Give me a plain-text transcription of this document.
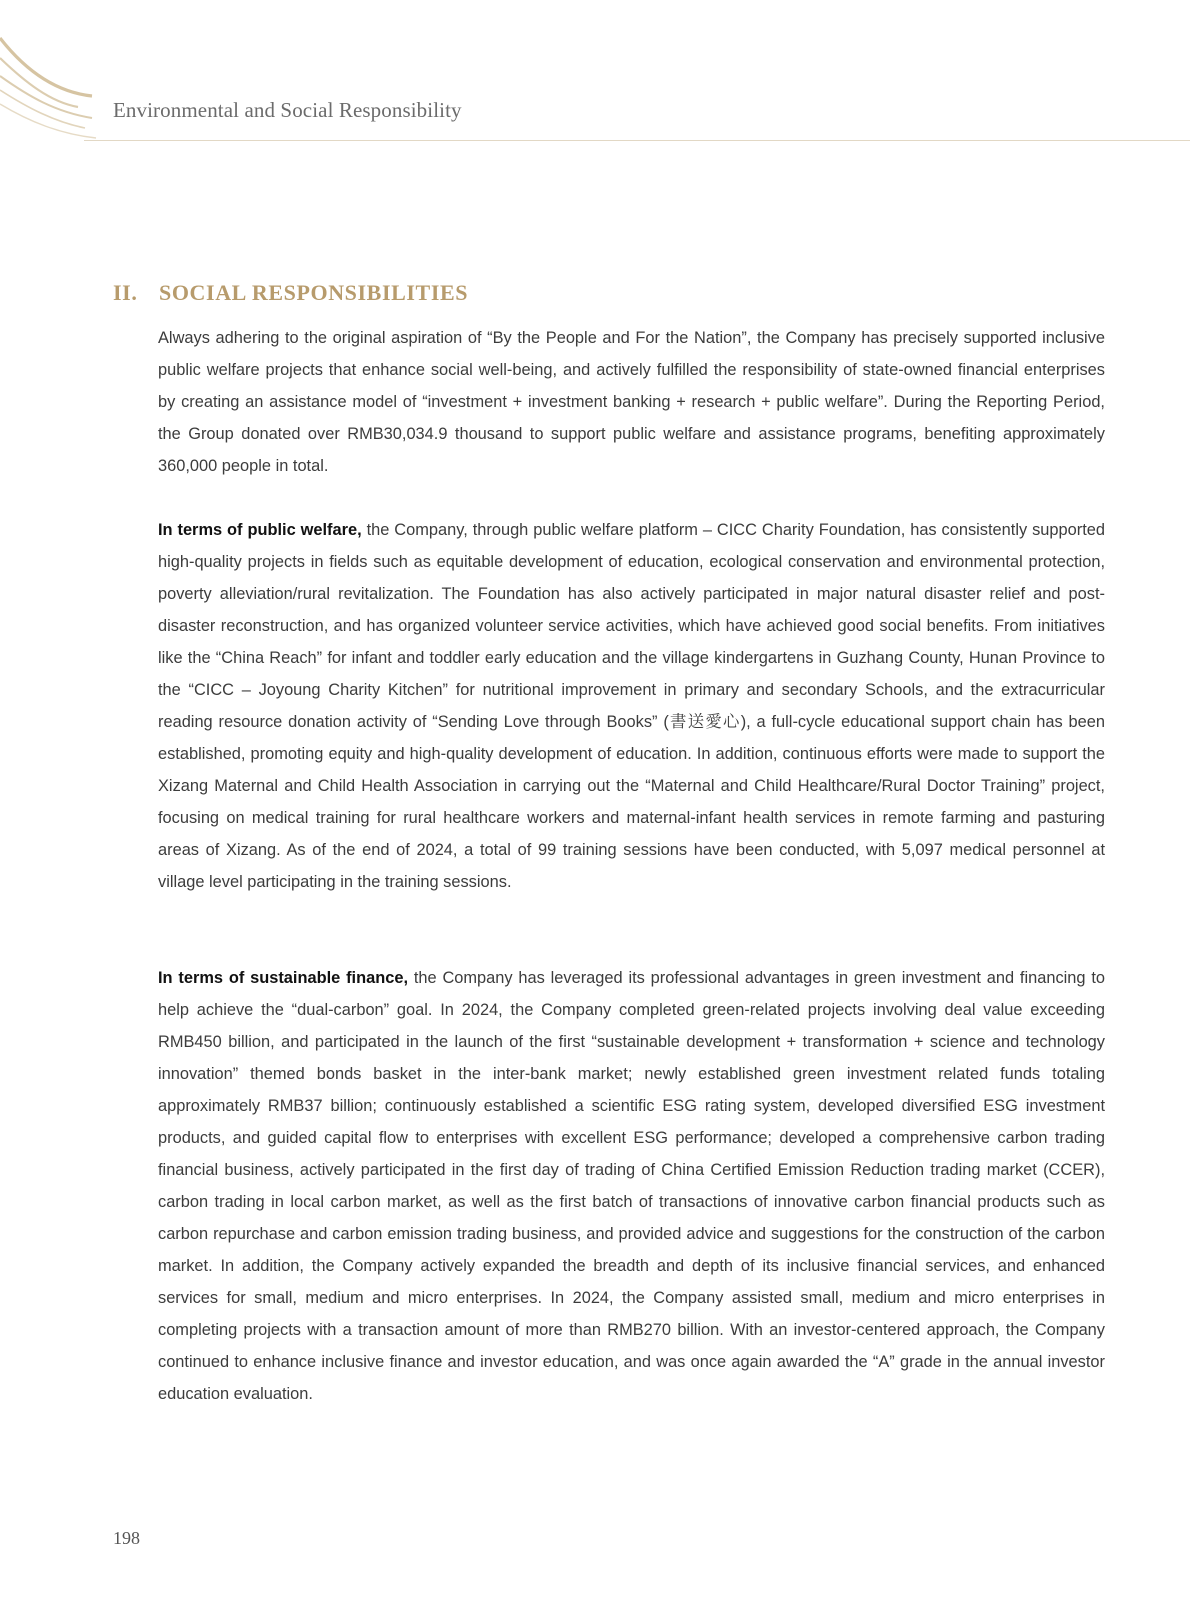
Environmental and Social Responsibility
II. SOCIAL RESPONSIBILITIES

Always adhering to the original aspiration of “By the People and For the Nation”, the Company has precisely supported inclusive public welfare projects that enhance social well-being, and actively fulfilled the responsibility of state-owned financial enterprises by creating an assistance model of “investment + investment banking + research + public welfare”. During the Reporting Period, the Group donated over RMB30,034.9 thousand to support public welfare and assistance programs, benefiting approximately 360,000 people in total.

In terms of public welfare, the Company, through public welfare platform – CICC Charity Foundation, has consistently supported high-quality projects in fields such as equitable development of education, ecological conservation and environmental protection, poverty alleviation/rural revitalization. The Foundation has also actively participated in major natural disaster relief and post-disaster reconstruction, and has organized volunteer service activities, which have achieved good social benefits. From initiatives like the “China Reach” for infant and toddler early education and the village kindergartens in Guzhang County, Hunan Province to the “CICC – Joyoung Charity Kitchen” for nutritional improvement in primary and secondary Schools, and the extracurricular reading resource donation activity of “Sending Love through Books” (書送愛心), a full-cycle educational support chain has been established, promoting equity and high-quality development of education. In addition, continuous efforts were made to support the Xizang Maternal and Child Health Association in carrying out the “Maternal and Child Healthcare/Rural Doctor Training” project, focusing on medical training for rural healthcare workers and maternal-infant health services in remote farming and pasturing areas of Xizang. As of the end of 2024, a total of 99 training sessions have been conducted, with 5,097 medical personnel at village level participating in the training sessions.

In terms of sustainable finance, the Company has leveraged its professional advantages in green investment and financing to help achieve the “dual-carbon” goal. In 2024, the Company completed green-related projects involving deal value exceeding RMB450 billion, and participated in the launch of the first “sustainable development + transformation + science and technology innovation” themed bonds basket in the inter-bank market; newly established green investment related funds totaling approximately RMB37 billion; continuously established a scientific ESG rating system, developed diversified ESG investment products, and guided capital flow to enterprises with excellent ESG performance; developed a comprehensive carbon trading financial business, actively participated in the first day of trading of China Certified Emission Reduction trading market (CCER), carbon trading in local carbon market, as well as the first batch of transactions of innovative carbon financial products such as carbon repurchase and carbon emission trading business, and provided advice and suggestions for the construction of the carbon market. In addition, the Company actively expanded the breadth and depth of its inclusive financial services, and enhanced services for small, medium and micro enterprises. In 2024, the Company assisted small, medium and micro enterprises in completing projects with a transaction amount of more than RMB270 billion. With an investor-centered approach, the Company continued to enhance inclusive finance and investor education, and was once again awarded the “A” grade in the annual investor education evaluation.

198
